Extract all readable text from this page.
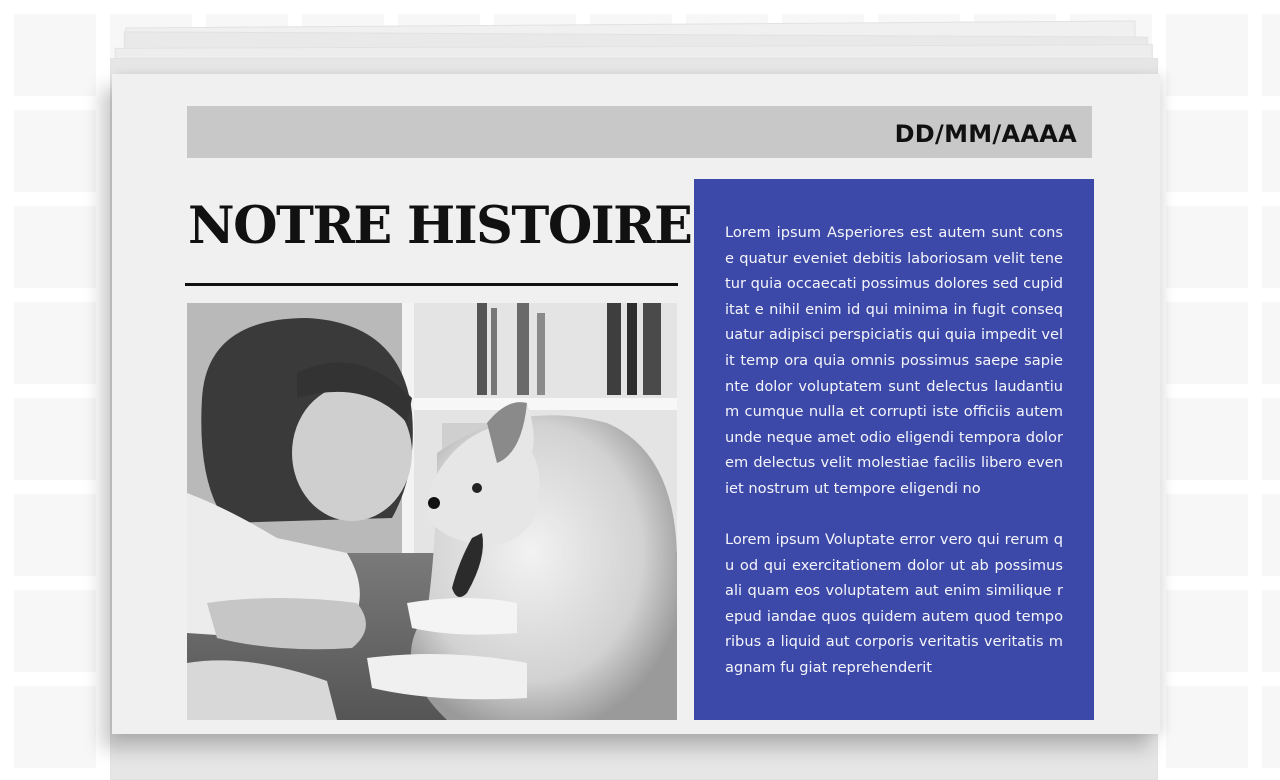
DD/MM/AAAA
NOTRE HISTOIRE Lorem ipsum Asperiores est autem sunt conse quatur eveniet debitis laboriosam velit tenetur quia occaecati possimus dolores sed cupiditat e nihil enim id qui minima in fugit consequatur adipisci perspiciatis qui quia impedit velit temp ora quia omnis possimus saepe sapiente dolor voluptatem sunt delectus laudantium cumque nulla et corrupti iste officiis autem unde neque amet odio eligendi tempora dolorem delectus velit molestiae facilis libero eveniet nostrum ut tempore eligendi no

Lorem ipsum Voluptate error vero qui rerum qu od qui exercitationem dolor ut ab possimus ali quam eos voluptatem aut enim similique repud iandae quos quidem autem quod temporibus a liquid aut corporis veritatis veritatis magnam fu giat reprehenderit
